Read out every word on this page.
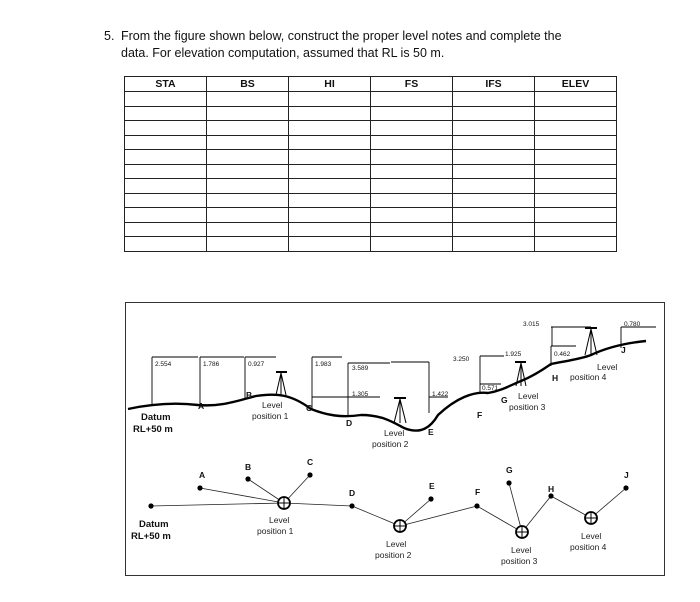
5. From the figure shown below, construct the proper level notes and complete the
data. For elevation computation, assumed that RL is 50 m.
STA	BS	HI	FS	IFS	ELEV

2.554	1.786	0.927	1.983
3.589
1.305
3.250
1.422
1.925
0.571
0.462
3.015	0.780
A
B
C
D
E
F
G
H
J
Level
position 1
Level
position 2
Level
position 3
Level
position 4
Datum
RL+50 m
A
B	C
D
E
F
G
H
J
Level
position 1
Level
position 2	Level
position 3
Level
position 4
Datum
RL+50 m
